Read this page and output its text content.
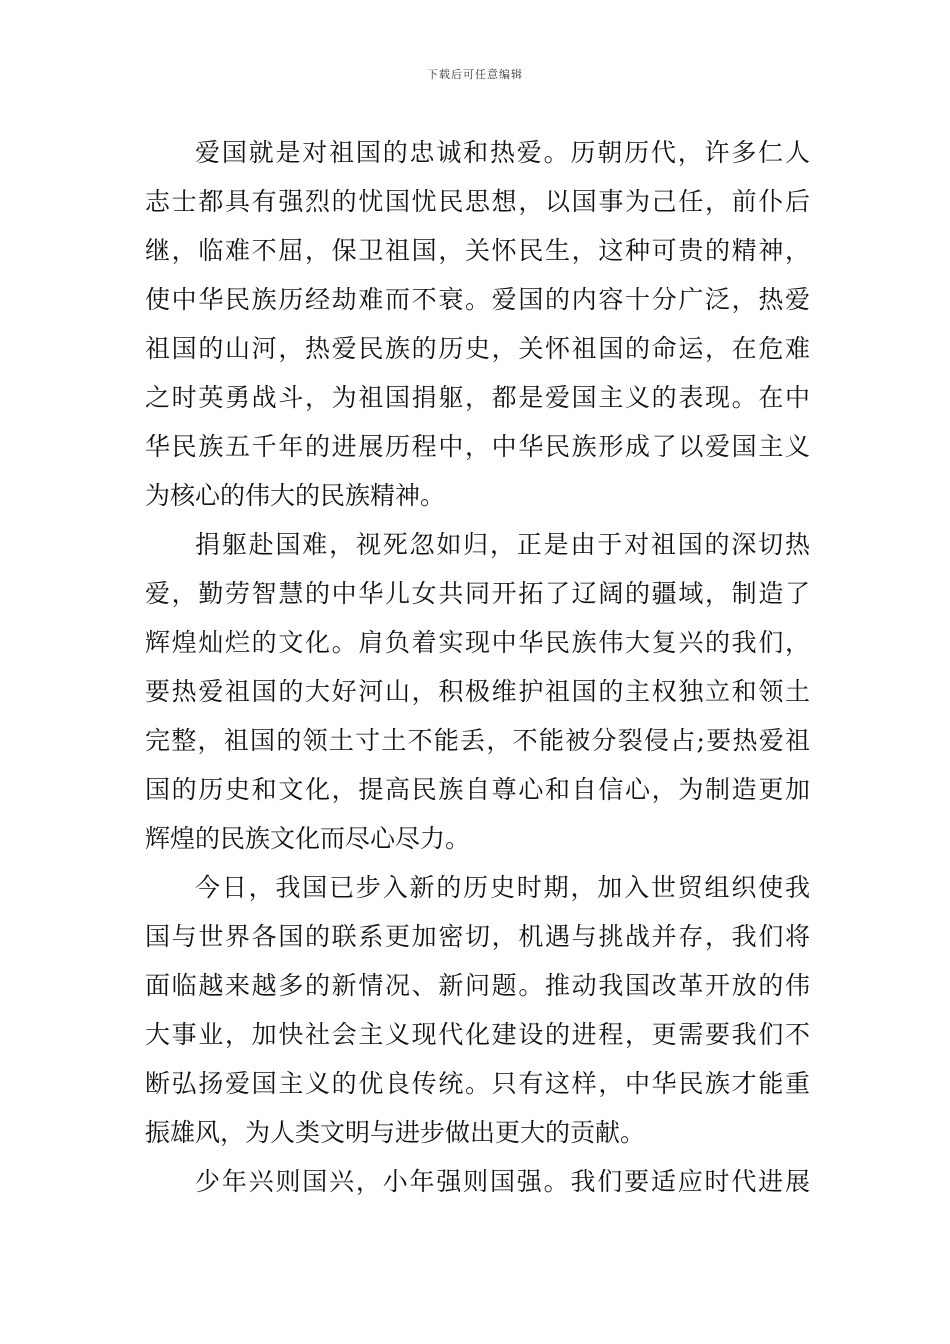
下载后可任意编辑
爱国就是对祖国的忠诚和热爱。历朝历代，许多仁人
志士都具有强烈的忧国忧民思想，以国事为己任，前仆后
继，临难不屈，保卫祖国，关怀民生，这种可贵的精神，
使中华民族历经劫难而不衰。爱国的内容十分广泛，热爱
祖国的山河，热爱民族的历史，关怀祖国的命运，在危难
之时英勇战斗，为祖国捐躯，都是爱国主义的表现。在中
华民族五千年的进展历程中，中华民族形成了以爱国主义
为核心的伟大的民族精神。
捐躯赴国难，视死忽如归，正是由于对祖国的深切热
爱，勤劳智慧的中华儿女共同开拓了辽阔的疆域，制造了
辉煌灿烂的文化。肩负着实现中华民族伟大复兴的我们，
要热爱祖国的大好河山，积极维护祖国的主权独立和领土
完整，祖国的领土寸土不能丢，不能被分裂侵占;要热爱祖
国的历史和文化，提高民族自尊心和自信心，为制造更加
辉煌的民族文化而尽心尽力。
今日，我国已步入新的历史时期，加入世贸组织使我
国与世界各国的联系更加密切，机遇与挑战并存，我们将
面临越来越多的新情况、新问题。推动我国改革开放的伟
大事业，加快社会主义现代化建设的进程，更需要我们不
断弘扬爱国主义的优良传统。只有这样，中华民族才能重
振雄风，为人类文明与进步做出更大的贡献。
少年兴则国兴，小年强则国强。我们要适应时代进展
